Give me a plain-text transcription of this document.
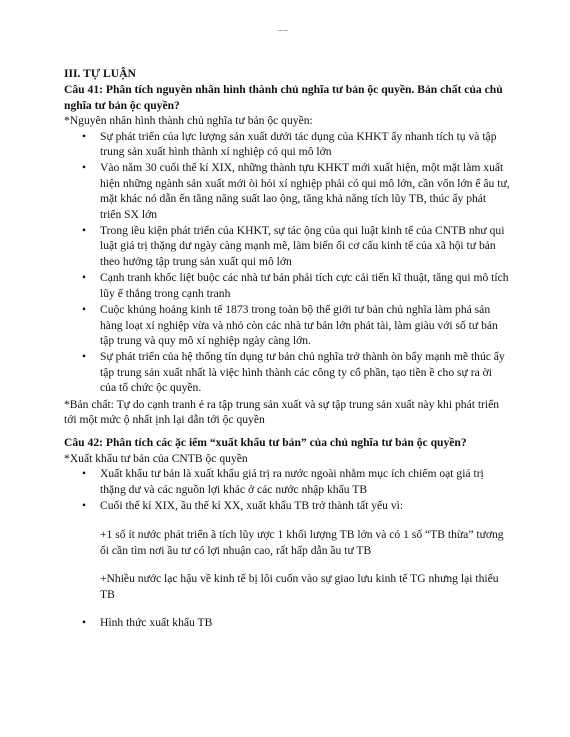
__

III. TỰ LUẬN

Câu 41: Phân tích nguyên nhân hình thành chủ nghĩa tư bản ộc quyền. Bản chất của chủ nghĩa tư bản ộc quyền?

*Nguyên nhân hình thành chủ nghĩa tư bản ộc quyền:

• Sự phát triển của lực lượng sản xuất dưới tác dụng của KHKT ẩy nhanh tích tụ và tập trung sản xuất hình thành xí nghiệp có qui mô lớn
• Vào năm 30 cuối thế kỉ XIX, những thành tựu KHKT mới xuất hiện, một mặt làm xuất hiện những ngành sản xuất mới òi hỏi xí nghiệp phải có qui mô lớn, cần vốn lớn ể âu tư, mặt khác nó dẫn ến tăng năng suất lao ộng, tăng khả năng tích lũy TB, thúc ẩy phát triển SX lớn
• Trong iều kiện phát triển của KHKT, sự tác ộng của qui luật kinh tế của CNTB như qui luật giá trị thặng dư ngày càng mạnh mẽ, làm biến ổi cơ cấu kinh tế của xã hội tư bản theo hướng tập trung sản xuất qui mô lớn
• Cạnh tranh khốc liệt buộc các nhà tư bản phải tích cực cải tiến kĩ thuật, tăng qui mô tích lũy ể thắng trong cạnh tranh
• Cuộc khủng hoảng kinh tế 1873 trong toàn bộ thế giới tư bản chủ nghĩa làm phá sản hàng loạt xí nghiệp vừa và nhỏ còn các nhà tư bản lớn phát tài, làm giàu với số tư bản tập trung và quy mô xí nghiệp ngày càng lớn.
• Sự phát triển của hệ thống tín dụng tư bản chủ nghĩa trở thành òn bẩy mạnh mẽ thúc ẩy tập trung sản xuất nhất là việc hình thành các công ty cổ phần, tạo tiền ề cho sự ra ời của tổ chức ộc quyền.

*Bản chất: Tự do cạnh tranh ẻ ra tập trung sản xuất và sự tập trung sản xuất này khi phát triển tới một mức ộ nhất ịnh lại dẫn tới ộc quyền

Câu 42: Phân tích các ặc iểm “xuất khẩu tư bản” của chủ nghĩa tư bản ộc quyền?

*Xuất khẩu tư bản của CNTB ộc quyền

• Xuất khẩu tư bản là xuất khẩu giá trị ra nước ngoài nhằm mục ích chiếm oạt giá trị thặng dư và các nguồn lợi khác ở các nước nhập khẩu TB
• Cuối thế kỉ XIX, ầu thế kỉ XX, xuất khẩu TB trở thành tất yếu vì:

+1 số ít nước phát triển ã tích lũy ược 1 khối lượng TB lớn và có 1 số “TB thừa” tương ối cần tìm nơi ầu tư có lợi nhuận cao, rất hấp dẫn ầu tư TB

+Nhiều nước lạc hậu về kinh tế bị lôi cuốn vào sự giao lưu kinh tế TG nhưng lại thiếu TB

• Hình thức xuất khẩu TB
